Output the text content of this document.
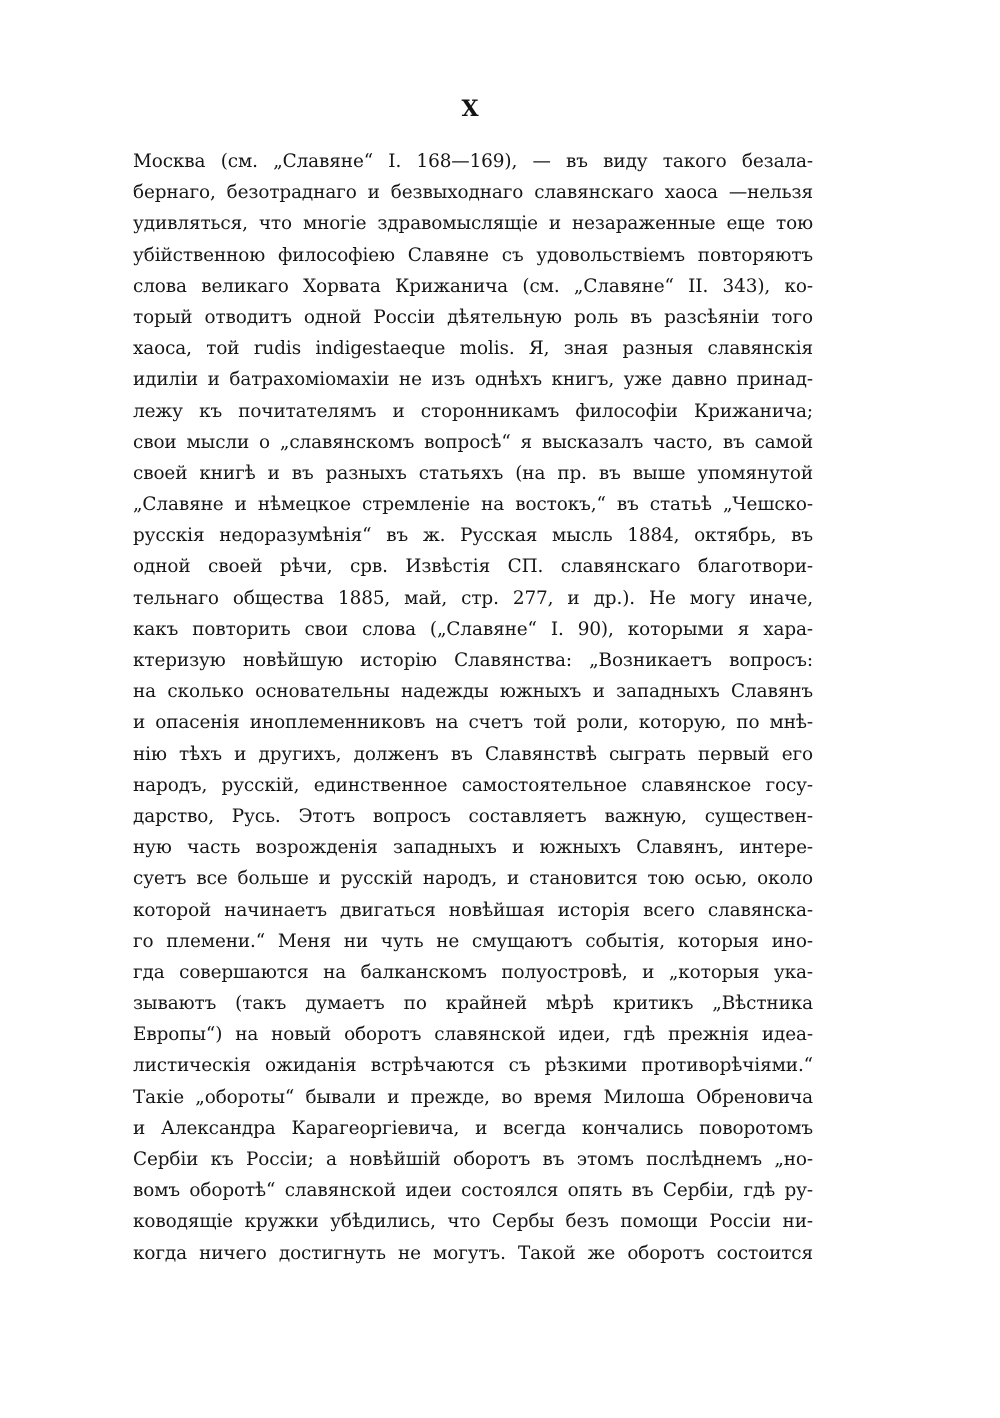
X
Москва (см. „Славяне“ I. 168—169), — въ виду такого безала-
бернаго, безотраднаго и безвыходнаго славянскаго хаоса —нельзя
удивляться, что многіе здравомыслящіе и незараженные еще тою
убійственною философіею Славяне съ удовольствіемъ повторяютъ
слова великаго Хорвата Крижанича (см. „Славяне“ II. 343), ко-
торый отводитъ одной Россіи дѣятельную роль въ разсѣяніи того
хаоса, той rudis indigestaeque molis. Я, зная разныя славянскія
идиліи и батрахоміомахіи не изъ однѣхъ книгъ, уже давно принад-
лежу къ почитателямъ и сторонникамъ философіи Крижанича;
свои мысли о „славянскомъ вопросѣ“ я высказалъ часто, въ самой
своей книгѣ и въ разныхъ статьяхъ (на пр. въ выше упомянутой
„Славяне и нѣмецкое стремленіе на востокъ,“ въ статьѣ „Чешско-
русскія недоразумѣнія“ въ ж. Русская мысль 1884, октябрь, въ
одной своей рѣчи, срв. Извѣстія СП. славянскаго благотвори-
тельнаго общества 1885, май, стр. 277, и др.). Не могу иначе,
какъ повторить свои слова („Славяне“ I. 90), которыми я хара-
ктеризую новѣйшую исторію Славянства: „Возникаетъ вопросъ:
на сколько основательны надежды южныхъ и западныхъ Славянъ
и опасенія иноплеменниковъ на счетъ той роли, которую, по мнѣ-
нію тѣхъ и другихъ, долженъ въ Славянствѣ сыграть первый его
народъ, русскій, единственное самостоятельное славянское госу-
дарство, Русь. Этотъ вопросъ составляетъ важную, существен-
ную часть возрожденія западныхъ и южныхъ Славянъ, интере-
суетъ все больше и русскій народъ, и становится тою осью, около
которой начинаетъ двигаться новѣйшая исторія всего славянска-
го племени.“ Меня ни чуть не смущаютъ событія, которыя ино-
гда совершаются на балканскомъ полуостровѣ, и „которыя ука-
зываютъ (такъ думаетъ по крайней мѣрѣ критикъ „Вѣстника
Европы“) на новый оборотъ славянской идеи, гдѣ прежнія идеа-
листическія ожиданія встрѣчаются съ рѣзкими противорѣчіями.“
Такіе „обороты“ бывали и прежде, во время Милоша Обреновича
и Александра Карагеоргіевича, и всегда кончались поворотомъ
Сербіи къ Россіи; а новѣйшій оборотъ въ этомъ послѣднемъ „но-
вомъ оборотѣ“ славянской идеи состоялся опять въ Сербіи, гдѣ ру-
ководящіе кружки убѣдились, что Сербы безъ помощи Россіи ни-
когда ничего достигнуть не могутъ. Такой же оборотъ состоится
